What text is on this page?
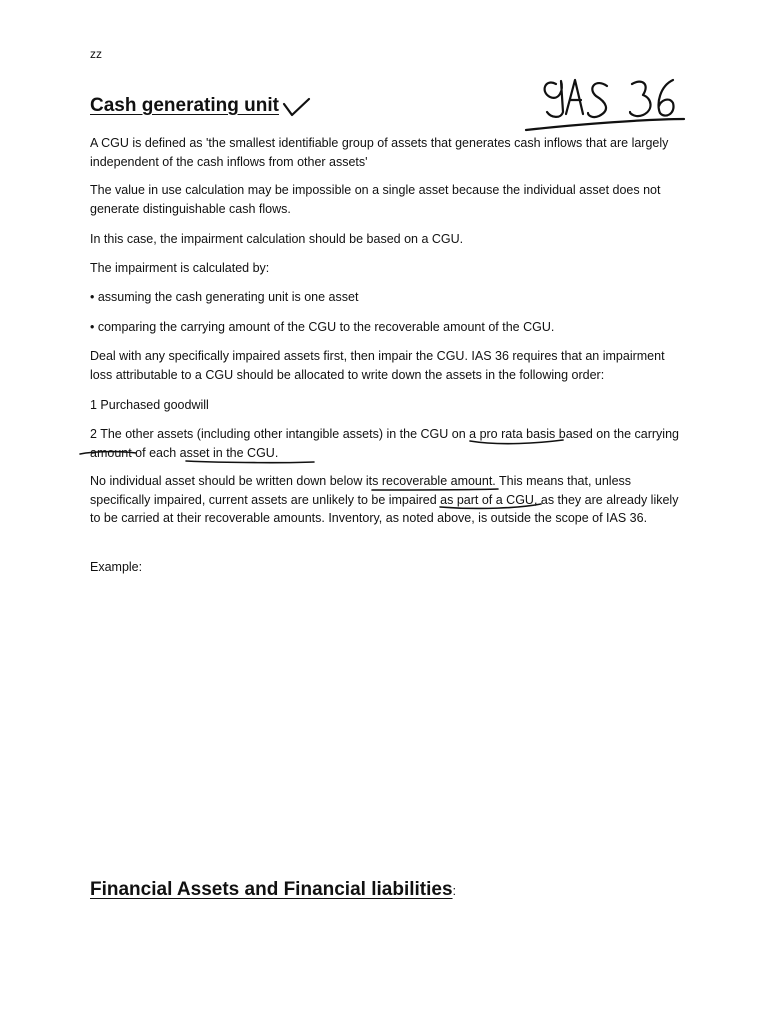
zz
Cash generating unit
A CGU is defined as 'the smallest identifiable group of assets that generates cash inflows that are largely independent of the cash inflows from other assets'
The value in use calculation may be impossible on a single asset because the individual asset does not generate distinguishable cash flows.
In this case, the impairment calculation should be based on a CGU.
The impairment is calculated by:
• assuming the cash generating unit is one asset
• comparing the carrying amount of the CGU to the recoverable amount of the CGU.
Deal with any specifically impaired assets first, then impair the CGU. IAS 36 requires that an impairment loss attributable to a CGU should be allocated to write down the assets in the following order:
1 Purchased goodwill
2 The other assets (including other intangible assets) in the CGU on a pro rata basis based on the carrying amount of each asset in the CGU.
No individual asset should be written down below its recoverable amount. This means that, unless specifically impaired, current assets are unlikely to be impaired as part of a CGU, as they are already likely to be carried at their recoverable amounts. Inventory, as noted above, is outside the scope of IAS 36.
Example:
Financial Assets and Financial liabilities:
